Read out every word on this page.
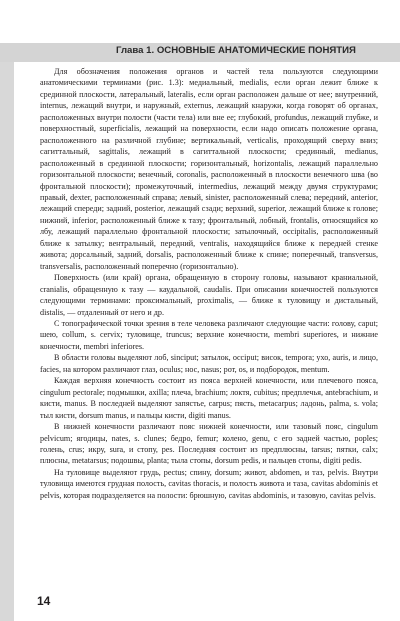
Глава 1. ОСНОВНЫЕ АНАТОМИЧЕСКИЕ ПОНЯТИЯ

Для обозначения положения органов и частей тела пользуются следующими анатомическими терминами (рис. 1.3): медиальный, medialis, если орган лежит ближе к срединной плоскости, латеральный, lateralis, если орган расположен дальше от нее; внутренний, internus, лежащий внутри, и наружный, externus, лежащий кнаружи, когда говорят об органах, расположенных внутри полости (части тела) или вне ее; глубокий, profundus, лежащий глубже, и поверхностный, superficialis, лежащий на поверхности, если надо описать положение органа, расположенного на различной глубине; вертикальный, verticalis, проходящий сверху вниз; сагиттальный, sagittalis, лежащий в сагиттальной плоскости; срединный, medianus, расположенный в срединной плоскости; горизонтальный, horizontalis, лежащий параллельно горизонтальной плоскости; венечный, coronalis, расположенный в плоскости венечного шва (во фронтальной плоскости); промежуточный, intermedius, лежащий между двумя структурами; правый, dexter, расположенный справа; левый, sinister, расположенный слева; передний, anterior, лежащий спереди; задний, posterior, лежащий сзади; верхний, superior, лежащий ближе к голове; нижний, inferior, расположенный ближе к тазу; фронтальный, лобный, frontalis, относящийся ко лбу, лежащий параллельно фронтальной плоскости; затылочный, occipitalis, расположенный ближе к затылку; вентральный, передний, ventralis, находящийся ближе к передней стенке живота; дорсальный, задний, dorsalis, расположенный ближе к спине; поперечный, transversus, transversalis, расположенный поперечно (горизонтально).

Поверхность (или край) органа, обращенную в сторону головы, называют краниальной, cranialis, обращенную к тазу — каудальной, caudalis. При описании конечностей пользуются следующими терминами: проксимальный, proximalis, — ближе к туловищу и дистальный, distalis, — отдаленный от него и др.

С топографической точки зрения в теле человека различают следующие части: голову, caput; шею, collum, s. cervix; туловище, truncus; верхние конечности, membri superiores, и нижние конечности, membri inferiores.

В области головы выделяют лоб, sinciput; затылок, occiput; висок, tempora; ухо, auris, и лицо, facies, на котором различают глаз, oculus; нос, nasus; рот, os, и подбородок, mentum.

Каждая верхняя конечность состоит из пояса верхней конечности, или плечевого пояса, cingulum pectorale; подмышки, axilla; плеча, brachium; локтя, cubitus; предплечья, antebrachium, и кисти, manus. В последней выделяют запястье, carpus; пясть, metacarpus; ладонь, palma, s. vola; тыл кисти, dorsum manus, и пальцы кисти, digiti manus.

В нижней конечности различают пояс нижней конечности, или тазовый пояс, cingulum pelvicum; ягодицы, nates, s. clunes; бедро, femur; колено, genu, с его задней частью, poples; голень, crus; икру, sura, и стопу, pes. Последняя состоит из предплюсны, tarsus; пятки, calx; плюсны, metatarsus; подошвы, planta; тыла стопы, dorsum pedis, и пальцев стопы, digiti pedis.

На туловище выделяют грудь, pectus; спину, dorsum; живот, abdomen, и таз, pelvis. Внутри туловища имеются грудная полость, cavitas thoracis, и полость живота и таза, cavitas abdominis et pelvis, которая подразделяется на полости: брюшную, cavitas abdominis, и тазовую, cavitas pelvis.

14
